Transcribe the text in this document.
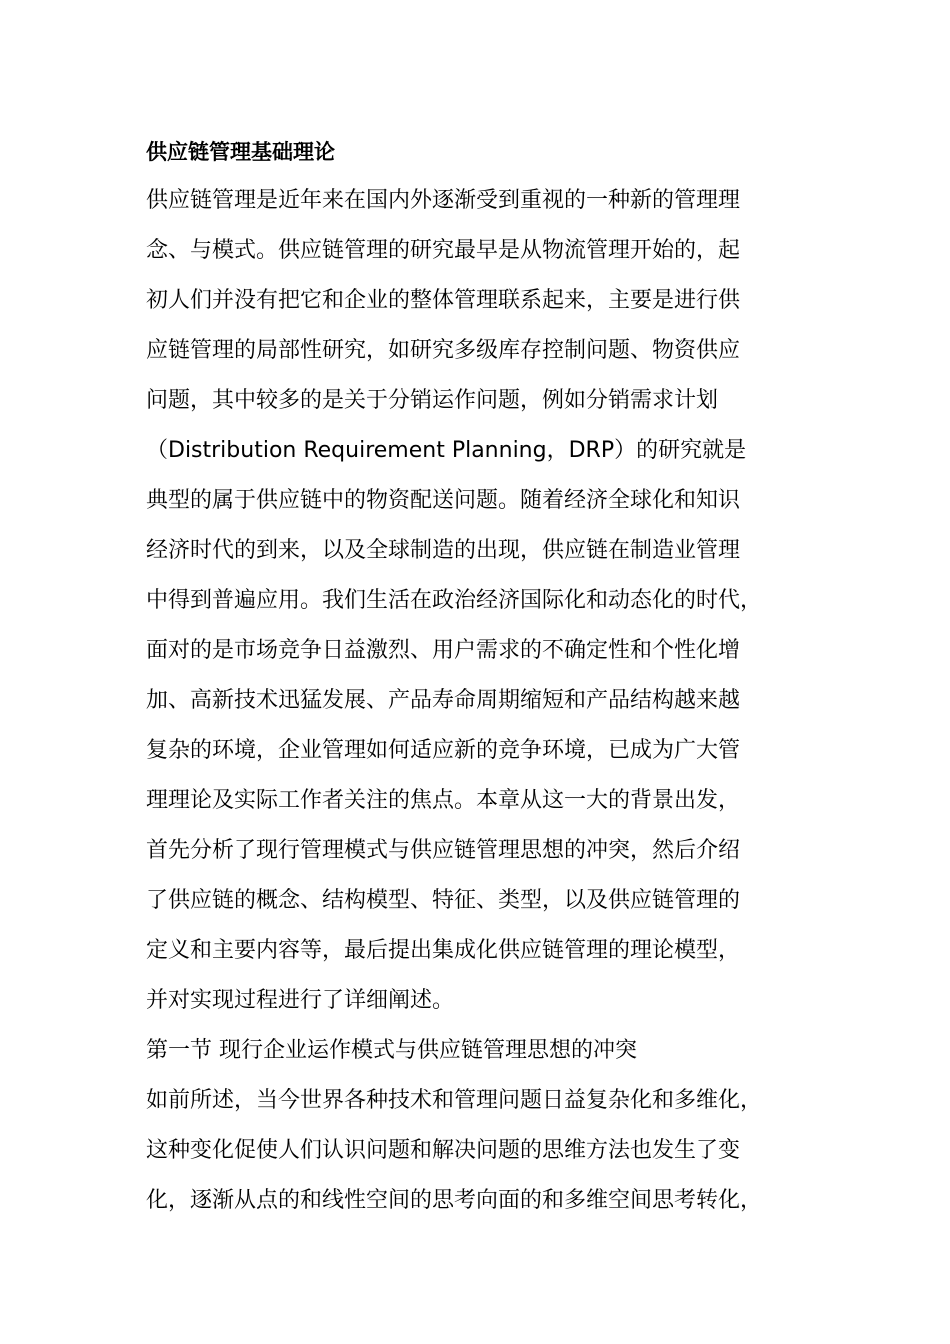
供应链管理基础理论
供应链管理是近年来在国内外逐渐受到重视的一种新的管理理
念、与模式。供应链管理的研究最早是从物流管理开始的，起
初人们并没有把它和企业的整体管理联系起来，主要是进行供
应链管理的局部性研究，如研究多级库存控制问题、物资供应
问题，其中较多的是关于分销运作问题，例如分销需求计划
（Distribution Requirement Planning，DRP）的研究就是
典型的属于供应链中的物资配送问题。随着经济全球化和知识
经济时代的到来，以及全球制造的出现，供应链在制造业管理
中得到普遍应用。我们生活在政治经济国际化和动态化的时代，
面对的是市场竞争日益激烈、用户需求的不确定性和个性化增
加、高新技术迅猛发展、产品寿命周期缩短和产品结构越来越
复杂的环境，企业管理如何适应新的竞争环境，已成为广大管
理理论及实际工作者关注的焦点。本章从这一大的背景出发，
首先分析了现行管理模式与供应链管理思想的冲突，然后介绍
了供应链的概念、结构模型、特征、类型，以及供应链管理的
定义和主要内容等，最后提出集成化供应链管理的理论模型，
并对实现过程进行了详细阐述。
第一节 现行企业运作模式与供应链管理思想的冲突
如前所述，当今世界各种技术和管理问题日益复杂化和多维化，
这种变化促使人们认识问题和解决问题的思维方法也发生了变
化，逐渐从点的和线性空间的思考向面的和多维空间思考转化，
